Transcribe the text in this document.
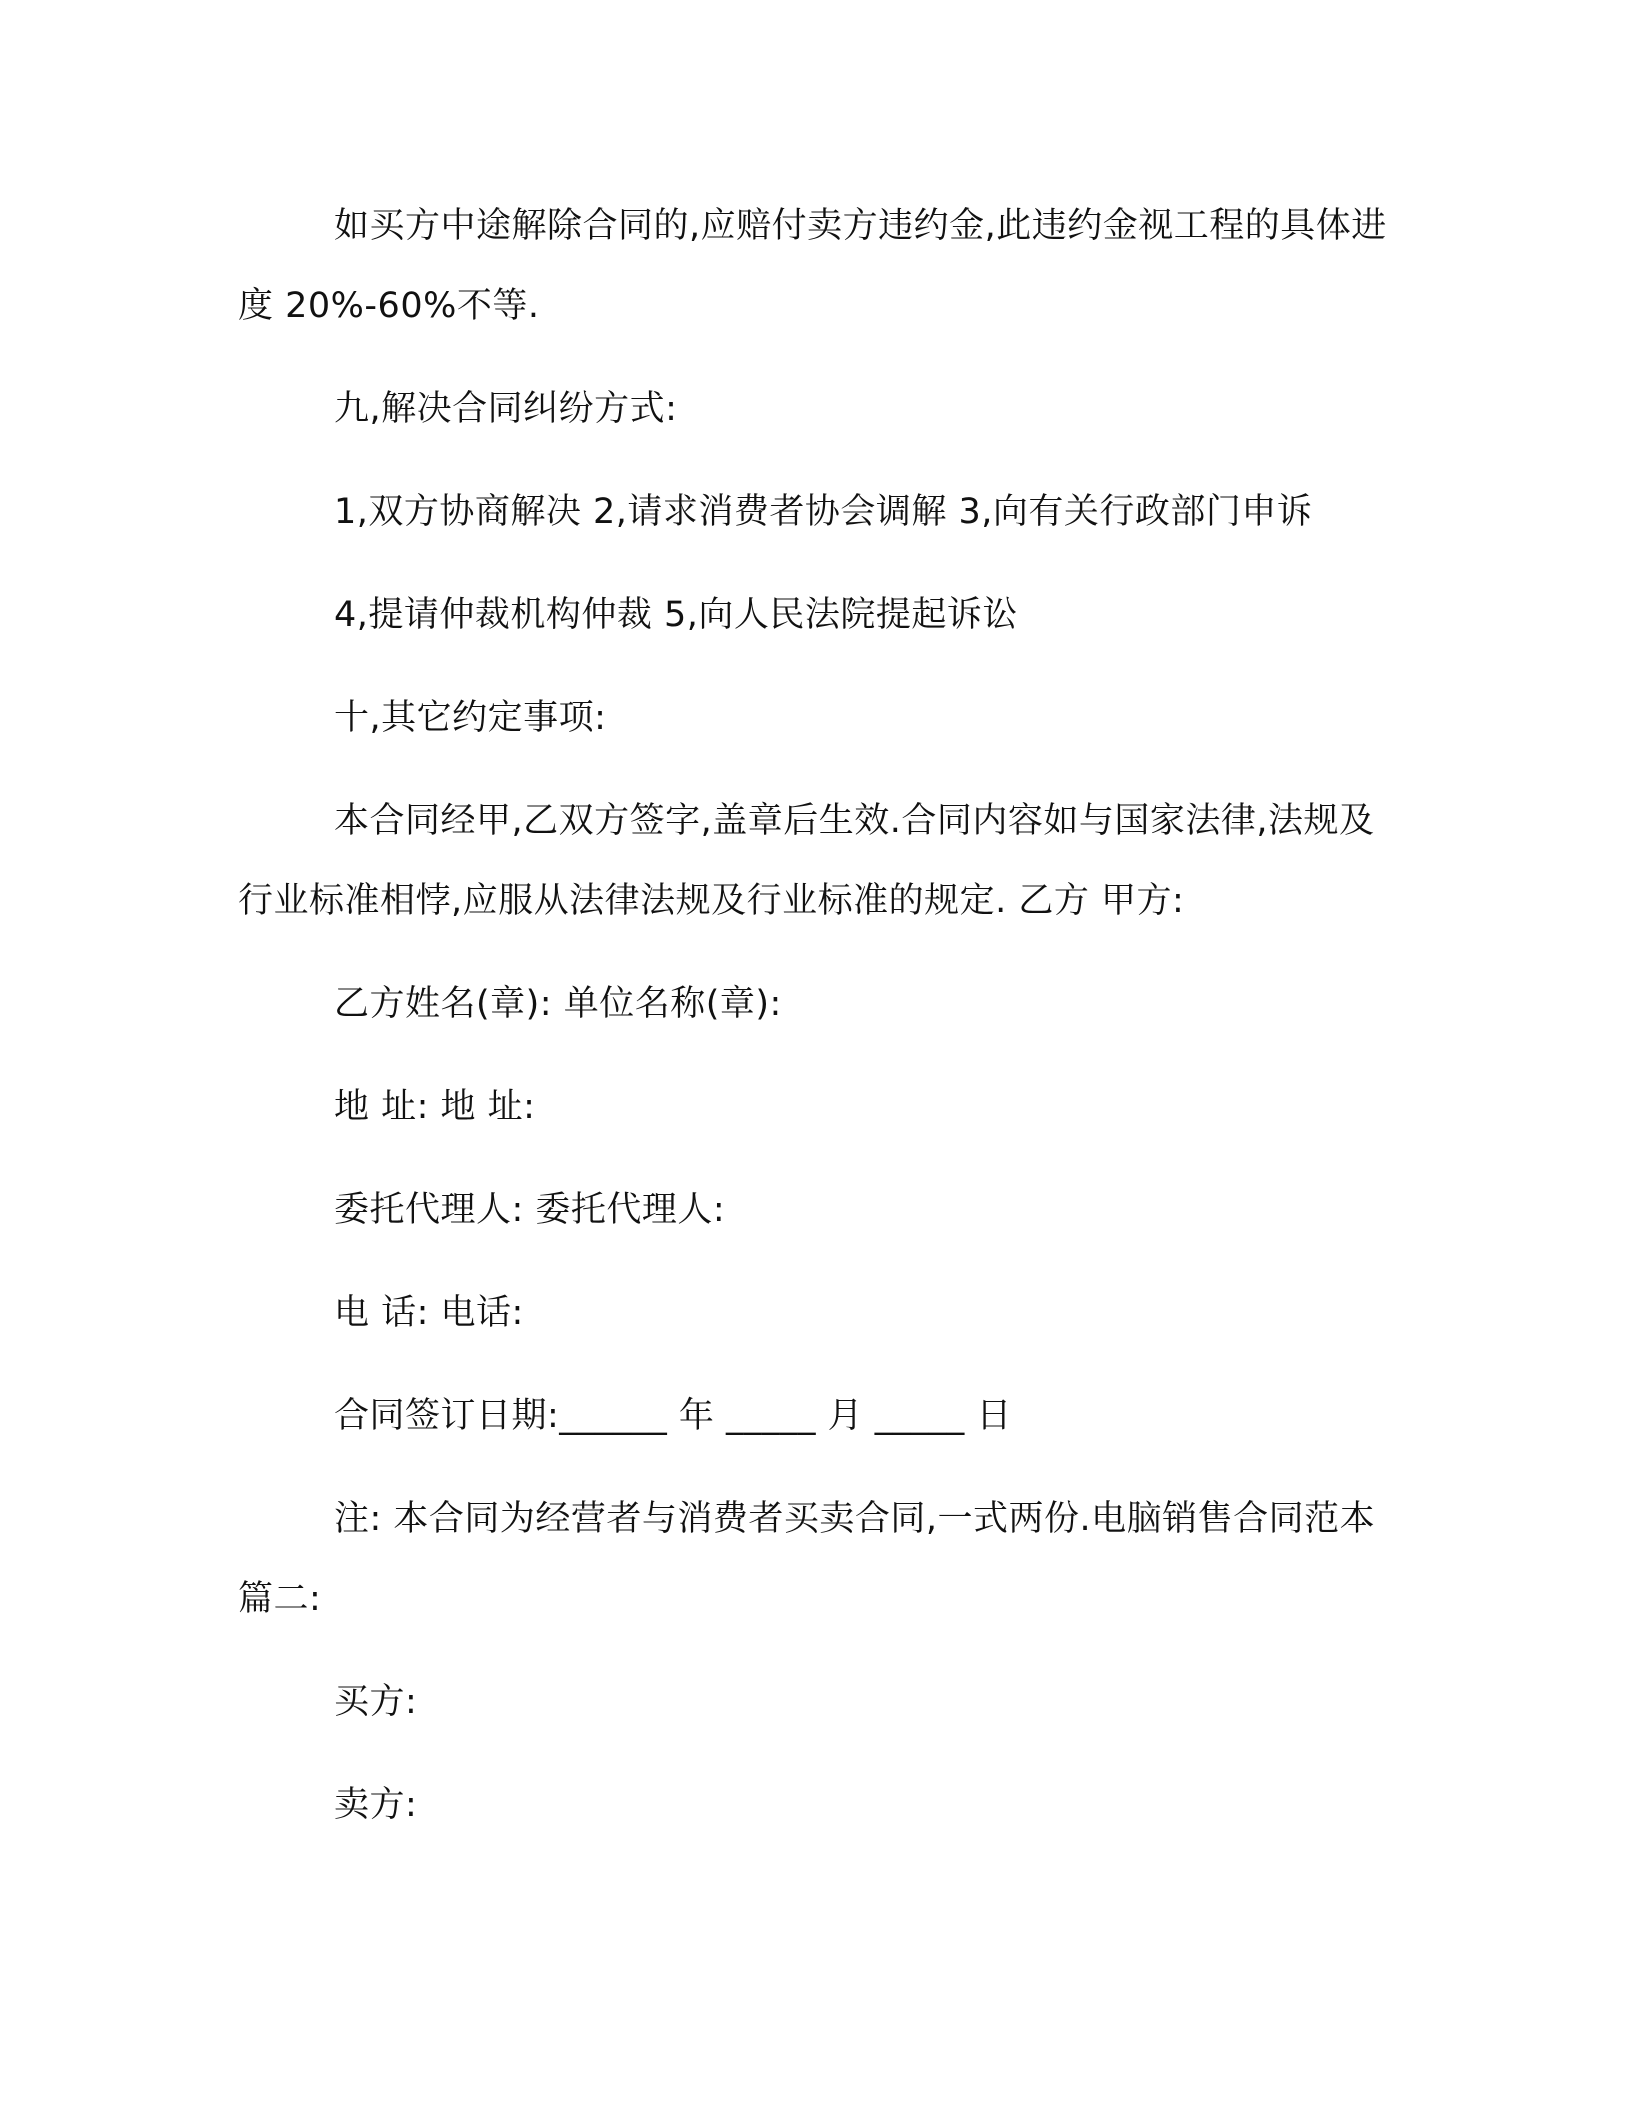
如买方中途解除合同的,应赔付卖方违约金,此违约金视工程的具体进度 20%-60%不等.

九,解决合同纠纷方式:

1,双方协商解决 2,请求消费者协会调解 3,向有关行政部门申诉

4,提请仲裁机构仲裁 5,向人民法院提起诉讼

十,其它约定事项:

本合同经甲,乙双方签字,盖章后生效.合同内容如与国家法律,法规及行业标准相悖,应服从法律法规及行业标准的规定. 乙方 甲方:

乙方姓名(章): 单位名称(章):

地 址: 地 址:

委托代理人: 委托代理人:

电 话: 电话:

合同签订日期:______ 年 _____ 月 _____ 日

注: 本合同为经营者与消费者买卖合同,一式两份.电脑销售合同范本篇二:

买方:

卖方:
